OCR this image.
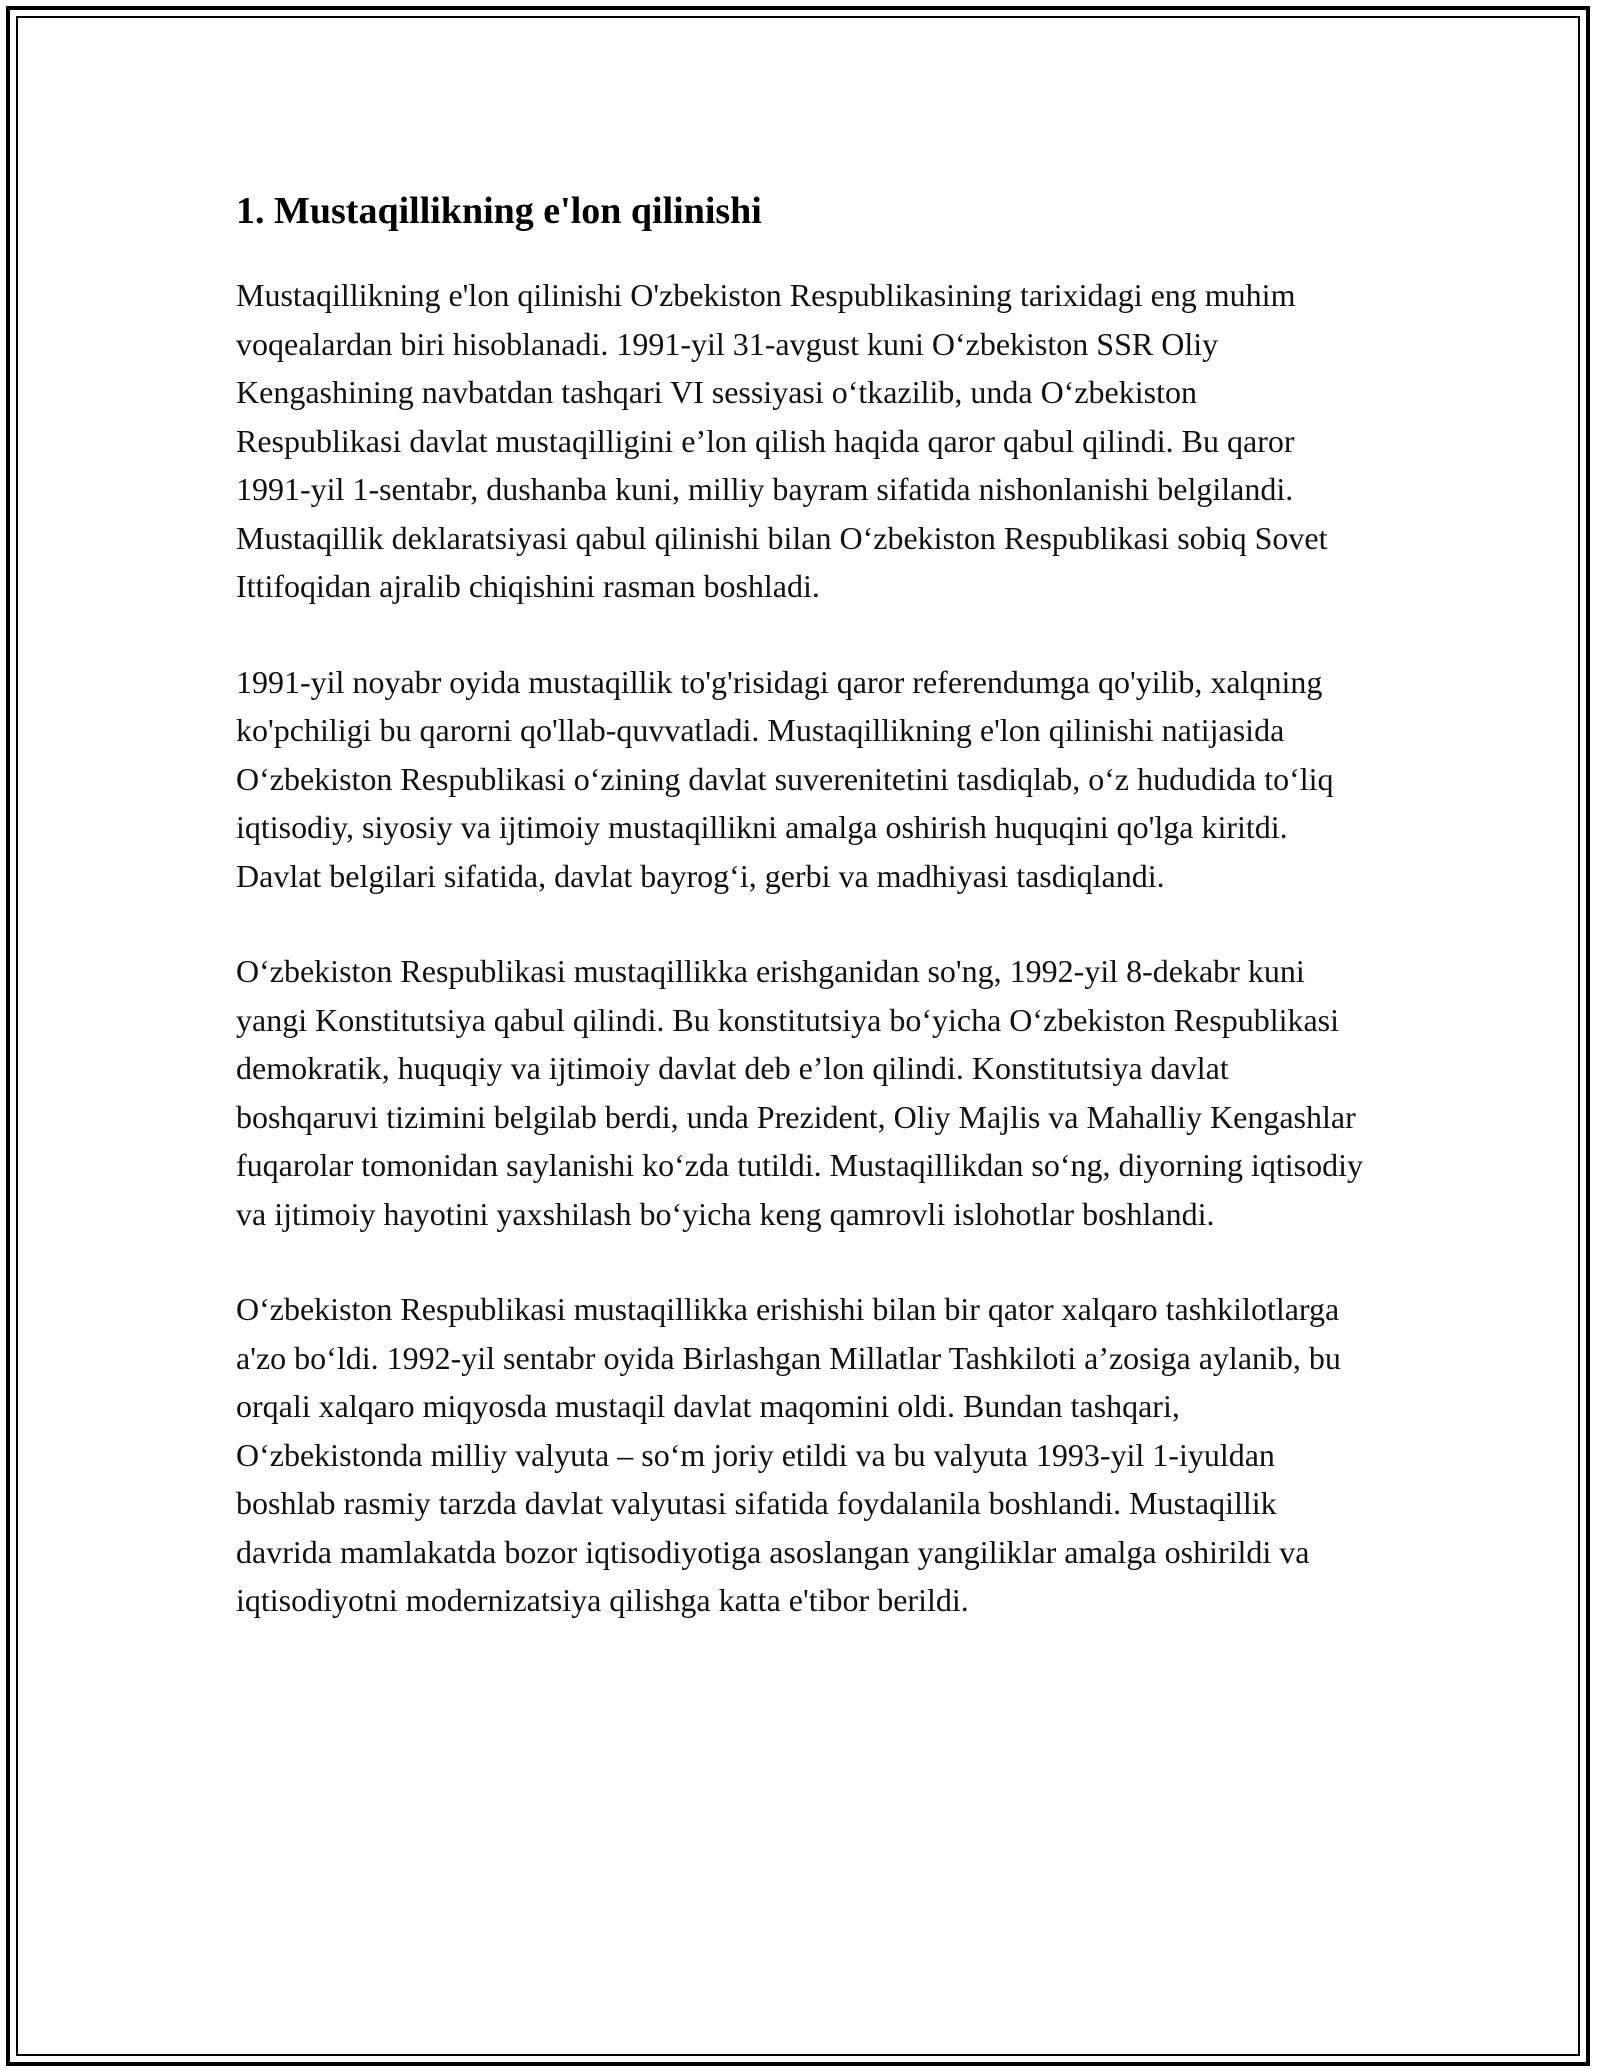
1. Mustaqillikning e'lon qilinishi

Mustaqillikning e'lon qilinishi O'zbekiston Respublikasining tarixidagi eng muhim voqealardan biri hisoblanadi. 1991-yil 31-avgust kuni O‘zbekiston SSR Oliy Kengashining navbatdan tashqari VI sessiyasi o‘tkazilib, unda O‘zbekiston Respublikasi davlat mustaqilligini e’lon qilish haqida qaror qabul qilindi. Bu qaror 1991-yil 1-sentabr, dushanba kuni, milliy bayram sifatida nishonlanishi belgilandi. Mustaqillik deklaratsiyasi qabul qilinishi bilan O‘zbekiston Respublikasi sobiq Sovet Ittifoqidan ajralib chiqishini rasman boshladi.

1991-yil noyabr oyida mustaqillik to'g'risidagi qaror referendumga qo'yilib, xalqning ko'pchiligi bu qarorni qo'llab-quvvatladi. Mustaqillikning e'lon qilinishi natijasida O‘zbekiston Respublikasi o‘zining davlat suverenitetini tasdiqlab, o‘z hududida to‘liq iqtisodiy, siyosiy va ijtimoiy mustaqillikni amalga oshirish huquqini qo'lga kiritdi. Davlat belgilari sifatida, davlat bayrog‘i, gerbi va madhiyasi tasdiqlandi.

O‘zbekiston Respublikasi mustaqillikka erishganidan so'ng, 1992-yil 8-dekabr kuni yangi Konstitutsiya qabul qilindi. Bu konstitutsiya bo‘yicha O‘zbekiston Respublikasi demokratik, huquqiy va ijtimoiy davlat deb e’lon qilindi. Konstitutsiya davlat boshqaruvi tizimini belgilab berdi, unda Prezident, Oliy Majlis va Mahalliy Kengashlar fuqarolar tomonidan saylanishi ko‘zda tutildi. Mustaqillikdan so‘ng, diyorning iqtisodiy va ijtimoiy hayotini yaxshilash bo‘yicha keng qamrovli islohotlar boshlandi.

O‘zbekiston Respublikasi mustaqillikka erishishi bilan bir qator xalqaro tashkilotlarga a'zo bo‘ldi. 1992-yil sentabr oyida Birlashgan Millatlar Tashkiloti a’zosiga aylanib, bu orqali xalqaro miqyosda mustaqil davlat maqomini oldi. Bundan tashqari, O‘zbekistonda milliy valyuta – so‘m joriy etildi va bu valyuta 1993-yil 1-iyuldan boshlab rasmiy tarzda davlat valyutasi sifatida foydalanila boshlandi. Mustaqillik davrida mamlakatda bozor iqtisodiyotiga asoslangan yangiliklar amalga oshirildi va iqtisodiyotni modernizatsiya qilishga katta e'tibor berildi.
